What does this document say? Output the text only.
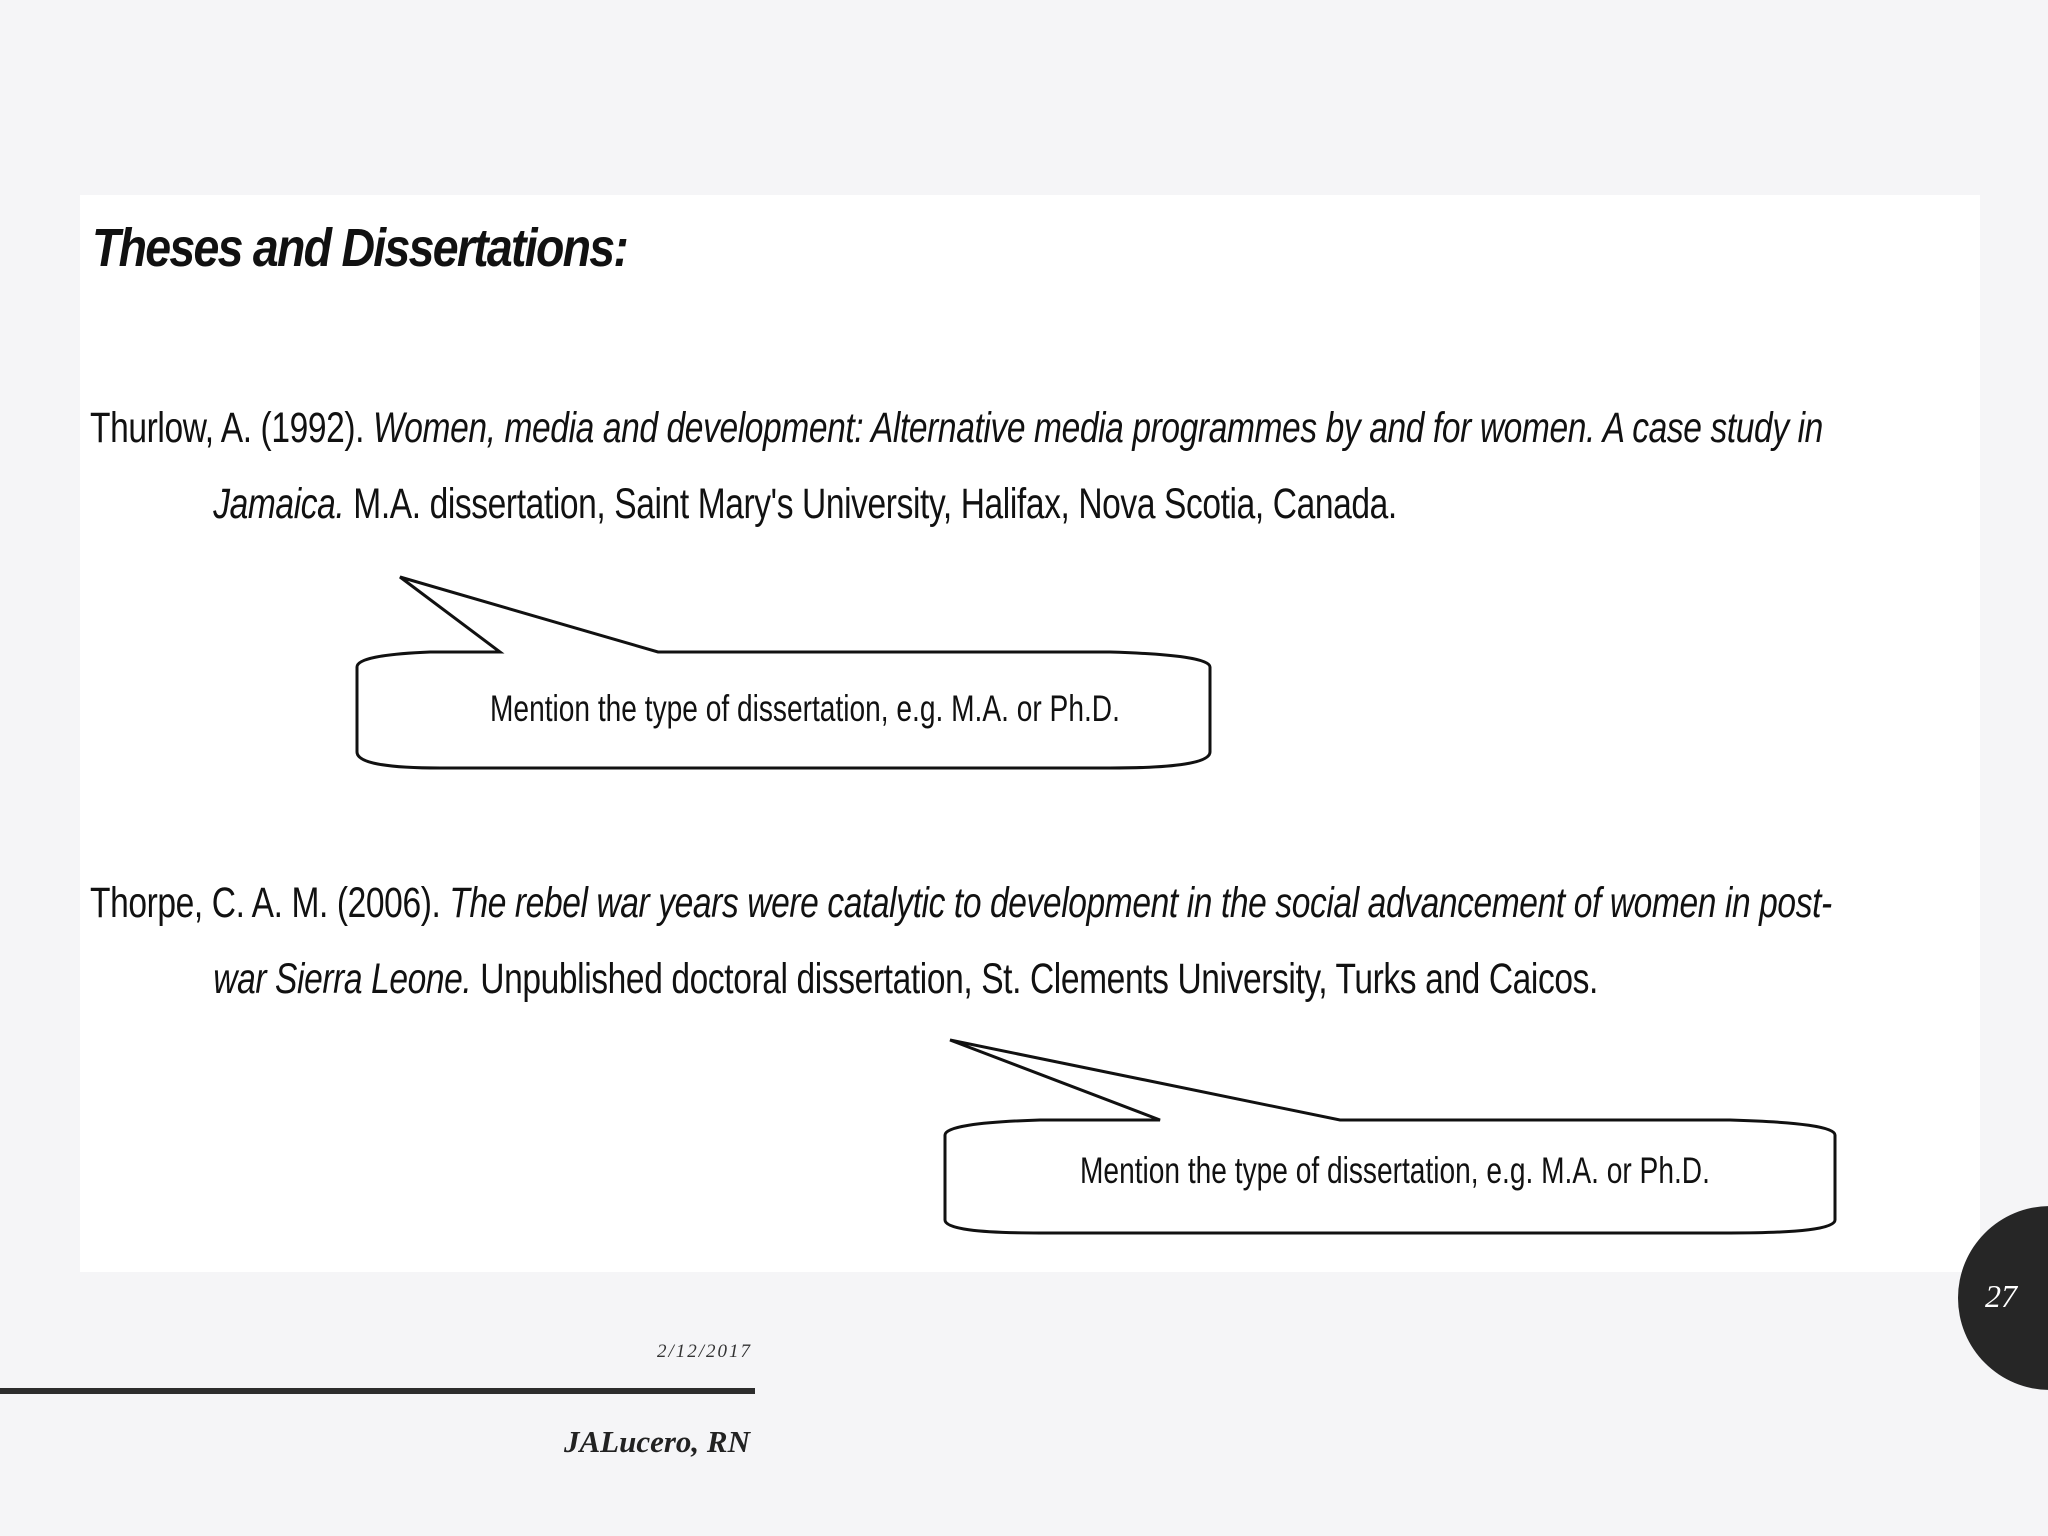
Theses and Dissertations:
Thurlow, A. (1992). Women, media and development: Alternative media programmes by and for women. A case study in
Jamaica. M.A. dissertation, Saint Mary's University, Halifax, Nova Scotia, Canada.
Mention the type of dissertation, e.g. M.A. or Ph.D.
Thorpe, C. A. M. (2006). The rebel war years were catalytic to development in the social advancement of women in post-
war Sierra Leone. Unpublished doctoral dissertation, St. Clements University, Turks and Caicos.
Mention the type of dissertation, e.g. M.A. or Ph.D.
2/12/2017
JALucero, RN
27
